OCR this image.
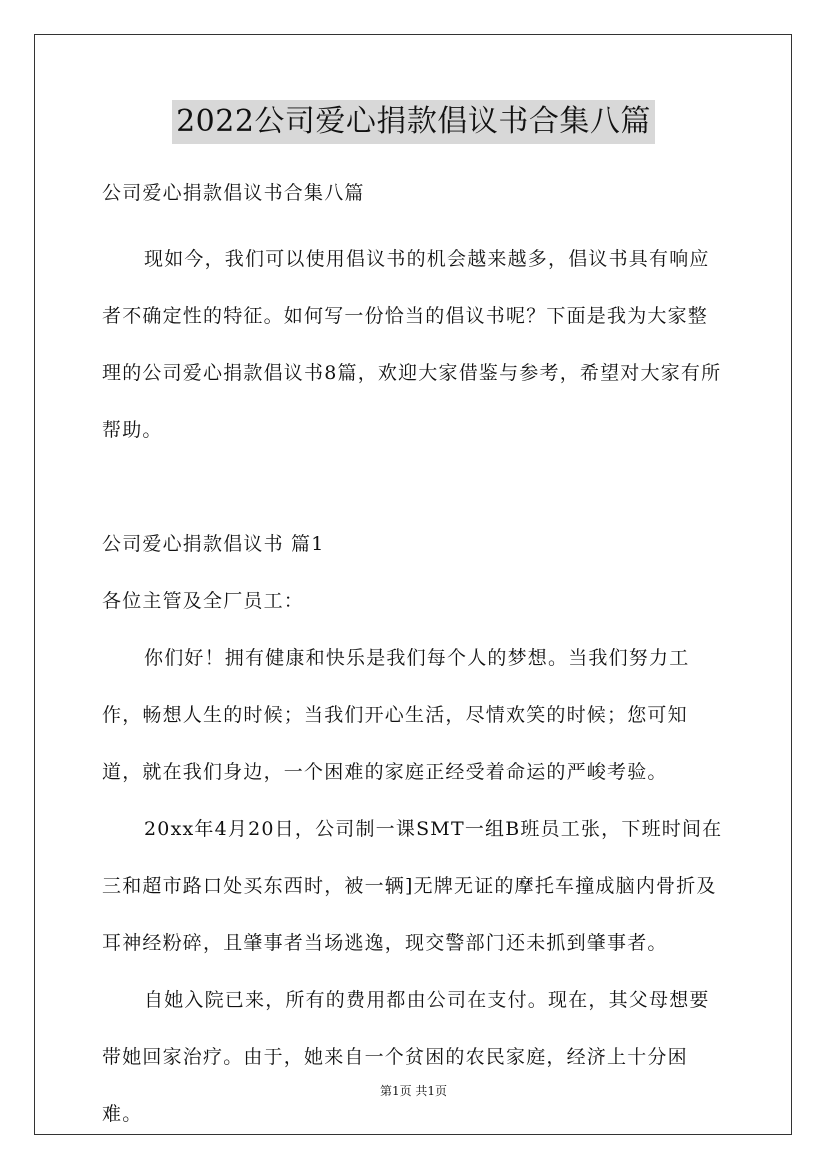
2022公司爱心捐款倡议书合集八篇

公司爱心捐款倡议书合集八篇

现如今，我们可以使用倡议书的机会越来越多，倡议书具有响应者不确定性的特征。如何写一份恰当的倡议书呢？下面是我为大家整理的公司爱心捐款倡议书8篇，欢迎大家借鉴与参考，希望对大家有所帮助。

公司爱心捐款倡议书 篇1

各位主管及全厂员工：

你们好！拥有健康和快乐是我们每个人的梦想。当我们努力工作，畅想人生的时候；当我们开心生活，尽情欢笑的时候；您可知道，就在我们身边，一个困难的家庭正经受着命运的严峻考验。

20xx年4月20日，公司制一课SMT一组B班员工张，下班时间在三和超市路口处买东西时，被一辆]无牌无证的摩托车撞成脑内骨折及耳神经粉碎，且肇事者当场逃逸，现交警部门还未抓到肇事者。

自她入院已来，所有的费用都由公司在支付。现在，其父母想要带她回家治疗。由于，她来自一个贫困的农民家庭，经济上十分困难。

第1页 共1页
